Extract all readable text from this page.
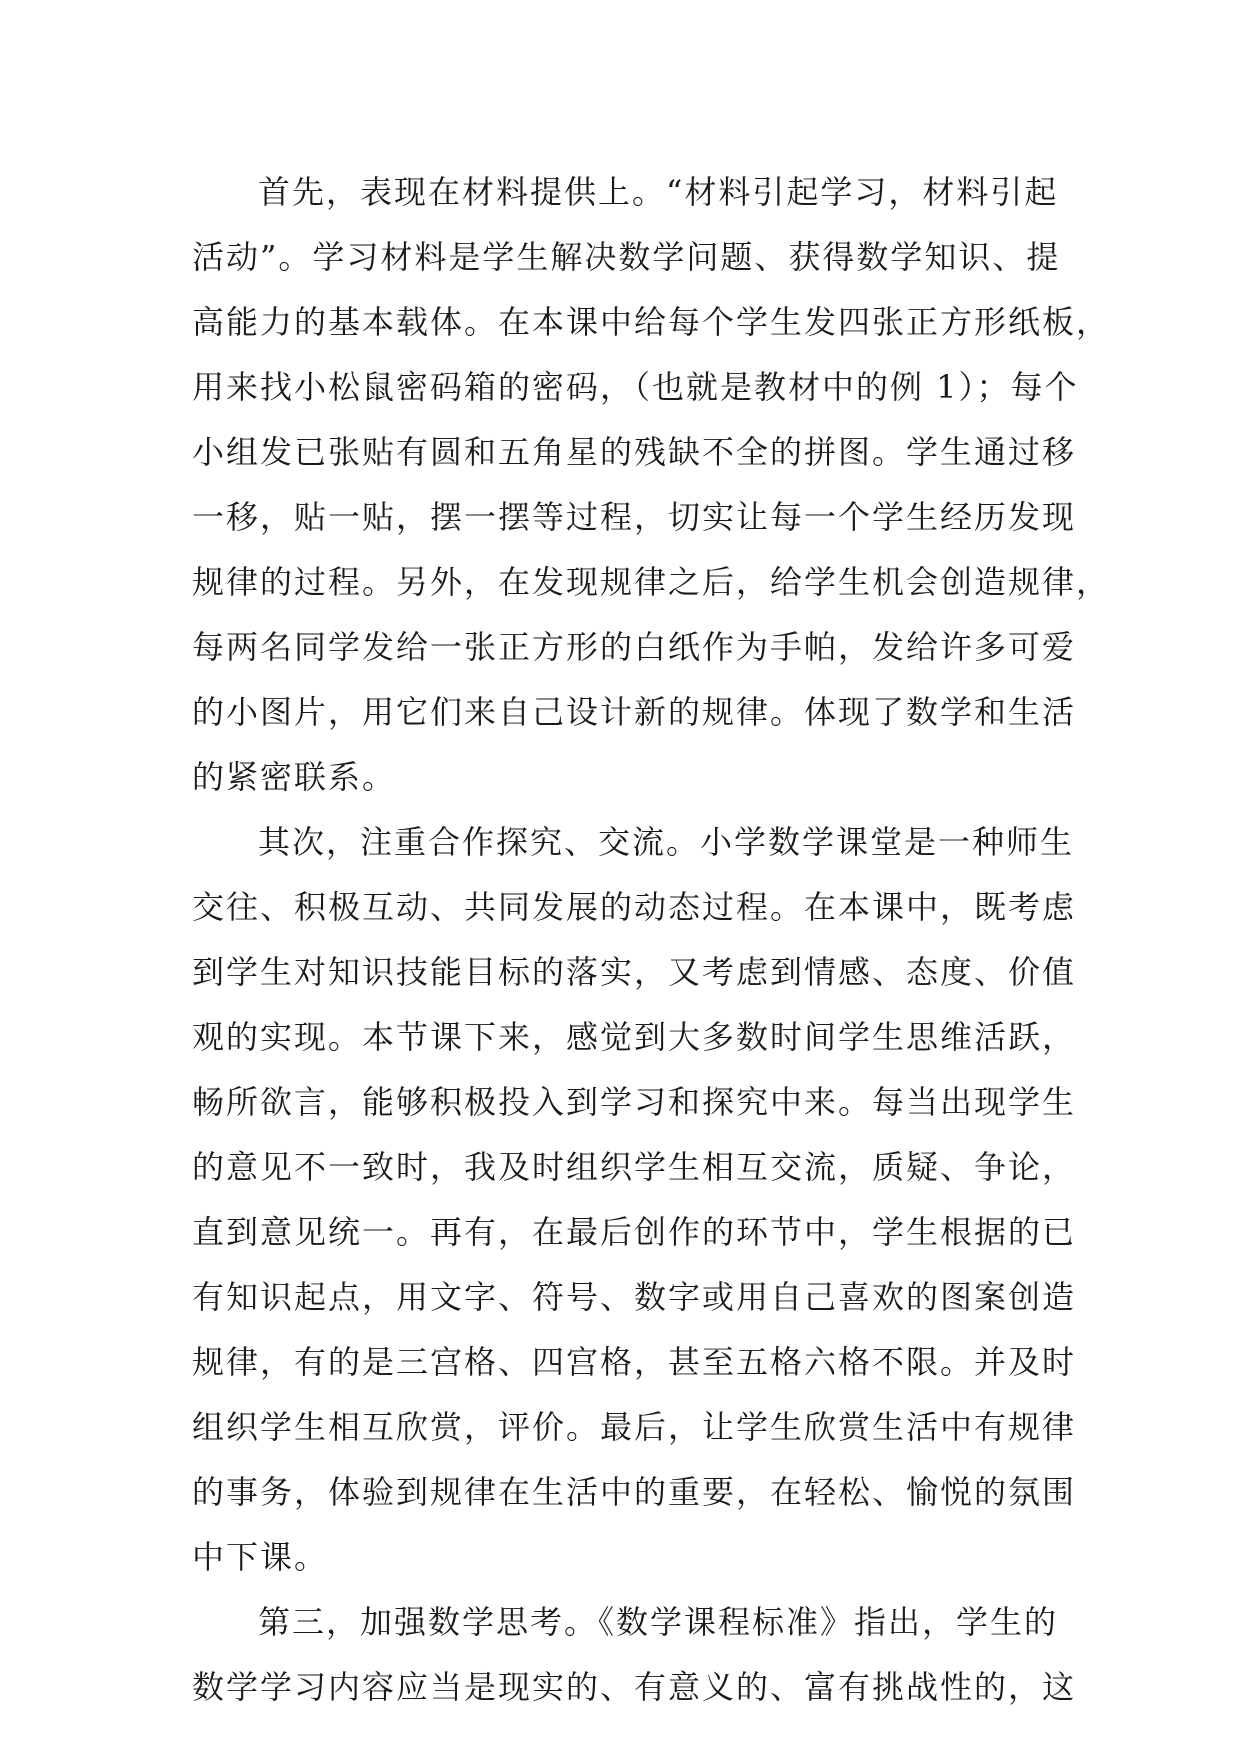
首先，表现在材料提供上。“材料引起学习，材料引起
活动”。学习材料是学生解决数学问题、获得数学知识、提
高能力的基本载体。在本课中给每个学生发四张正方形纸板，
用来找小松鼠密码箱的密码，（也就是教材中的例 1）；每个
小组发已张贴有圆和五角星的残缺不全的拼图。学生通过移
一移，贴一贴，摆一摆等过程，切实让每一个学生经历发现
规律的过程。另外，在发现规律之后，给学生机会创造规律，
每两名同学发给一张正方形的白纸作为手帕，发给许多可爱
的小图片，用它们来自己设计新的规律。体现了数学和生活
的紧密联系。

其次，注重合作探究、交流。小学数学课堂是一种师生
交往、积极互动、共同发展的动态过程。在本课中，既考虑
到学生对知识技能目标的落实，又考虑到情感、态度、价值
观的实现。本节课下来，感觉到大多数时间学生思维活跃，
畅所欲言，能够积极投入到学习和探究中来。每当出现学生
的意见不一致时，我及时组织学生相互交流，质疑、争论，
直到意见统一。再有，在最后创作的环节中，学生根据的已
有知识起点，用文字、符号、数字或用自己喜欢的图案创造
规律，有的是三宫格、四宫格，甚至五格六格不限。并及时
组织学生相互欣赏，评价。最后，让学生欣赏生活中有规律
的事务，体验到规律在生活中的重要，在轻松、愉悦的氛围
中下课。

第三，加强数学思考。《数学课程标准》指出，学生的
数学学习内容应当是现实的、有意义的、富有挑战性的，这
